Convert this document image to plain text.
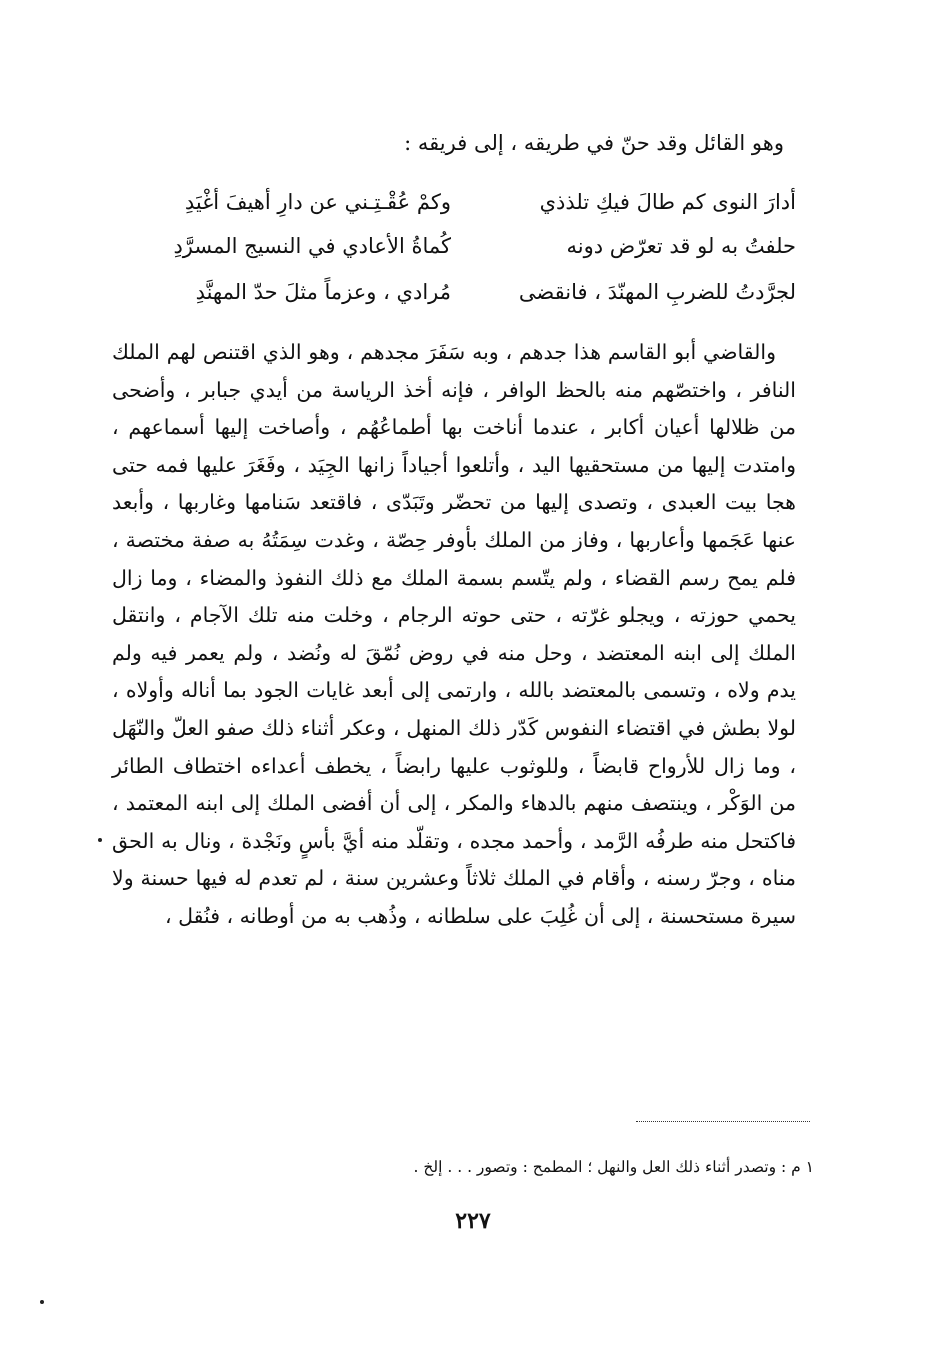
وهو القائل وقد حنّ في طريقه ، إلى فريقه :
أدارَ النوى كم طالَ فيكِ تلذذي
وكمْ عُقْـتِـني عن دارِ أهيفَ أغْيَدِ
حلفتُ به لو قد تعرّض دونه
كُماةُ الأعادي في النسيج المسرَّدِ
لجرَّدتُ للضربِ المهنّدَ ، فانقضى
مُرادي ، وعزماً مثلَ حدّ المهنَّدِ

والقاضي أبو القاسم هذا جدهم ، وبه سَفَرَ مجدهم ، وهو الذي اقتنص لهم الملك النافر ، واختصّهم منه بالحظ الوافر ، فإنه أخذ الرياسة من أيدي جبابر ، وأضحى من ظلالها أعيان أكابر ، عندما أناخت بها أطماعُهُم ، وأصاخت إليها أسماعهم ، وامتدت إليها من مستحقيها اليد ، وأتلعوا أجياداً زانها الجِيَد ، وفَغَرَ عليها فمه حتى هجا بيت العبدى ، وتصدى إليها من تحضّر وتَبَدّى ، فاقتعد سَنامها وغاربها ، وأبعد عنها عَجَمها وأعاربها ، وفاز من الملك بأوفر حِصّة ، وغدت سِمَتُهُ به صفة مختصة ، فلم يمح رسم القضاء ، ولم يتّسم بسمة الملك مع ذلك النفوذ والمضاء ، وما زال يحمي حوزته ، ويجلو غرّته ، حتى حوته الرجام ، وخلت منه تلك الآجام ، وانتقل الملك إلى ابنه المعتضد ، وحل منه في روض نُمّقَ له ونُضد ، ولم يعمر فيه ولم يدم ولاه ، وتسمى بالمعتضد بالله ، وارتمى إلى أبعد غايات الجود بما أناله وأولاه ، لولا بطش في اقتضاء النفوس كَدّر ذلك المنهل ، وعكر أثناء ذلك صفو العلّ والنّهَل ، وما زال للأرواح قابضاً ، وللوثوب عليها رابضاً ، يخطف أعداءه اختطاف الطائر من الوَكْر ، وينتصف منهم بالدهاء والمكر ، إلى أن أفضى الملك إلى ابنه المعتمد ، فاكتحل منه طرفُه الرَّمد ، وأحمد مجده ، وتقلّد منه أيَّ بأسٍ ونَجْدة ، ونال به الحق مناه ، وجرّ رسنه ، وأقام في الملك ثلاثاً وعشرين سنة ، لم تعدم له فيها حسنة ولا سيرة مستحسنة ، إلى أن غُلِبَ على سلطانه ، وذُهب به من أوطانه ، فنُقل ،

١ م : وتصدر أثناء ذلك العل والنهل ؛ المطمح : وتصور . . . إلخ .
٢٢٧
